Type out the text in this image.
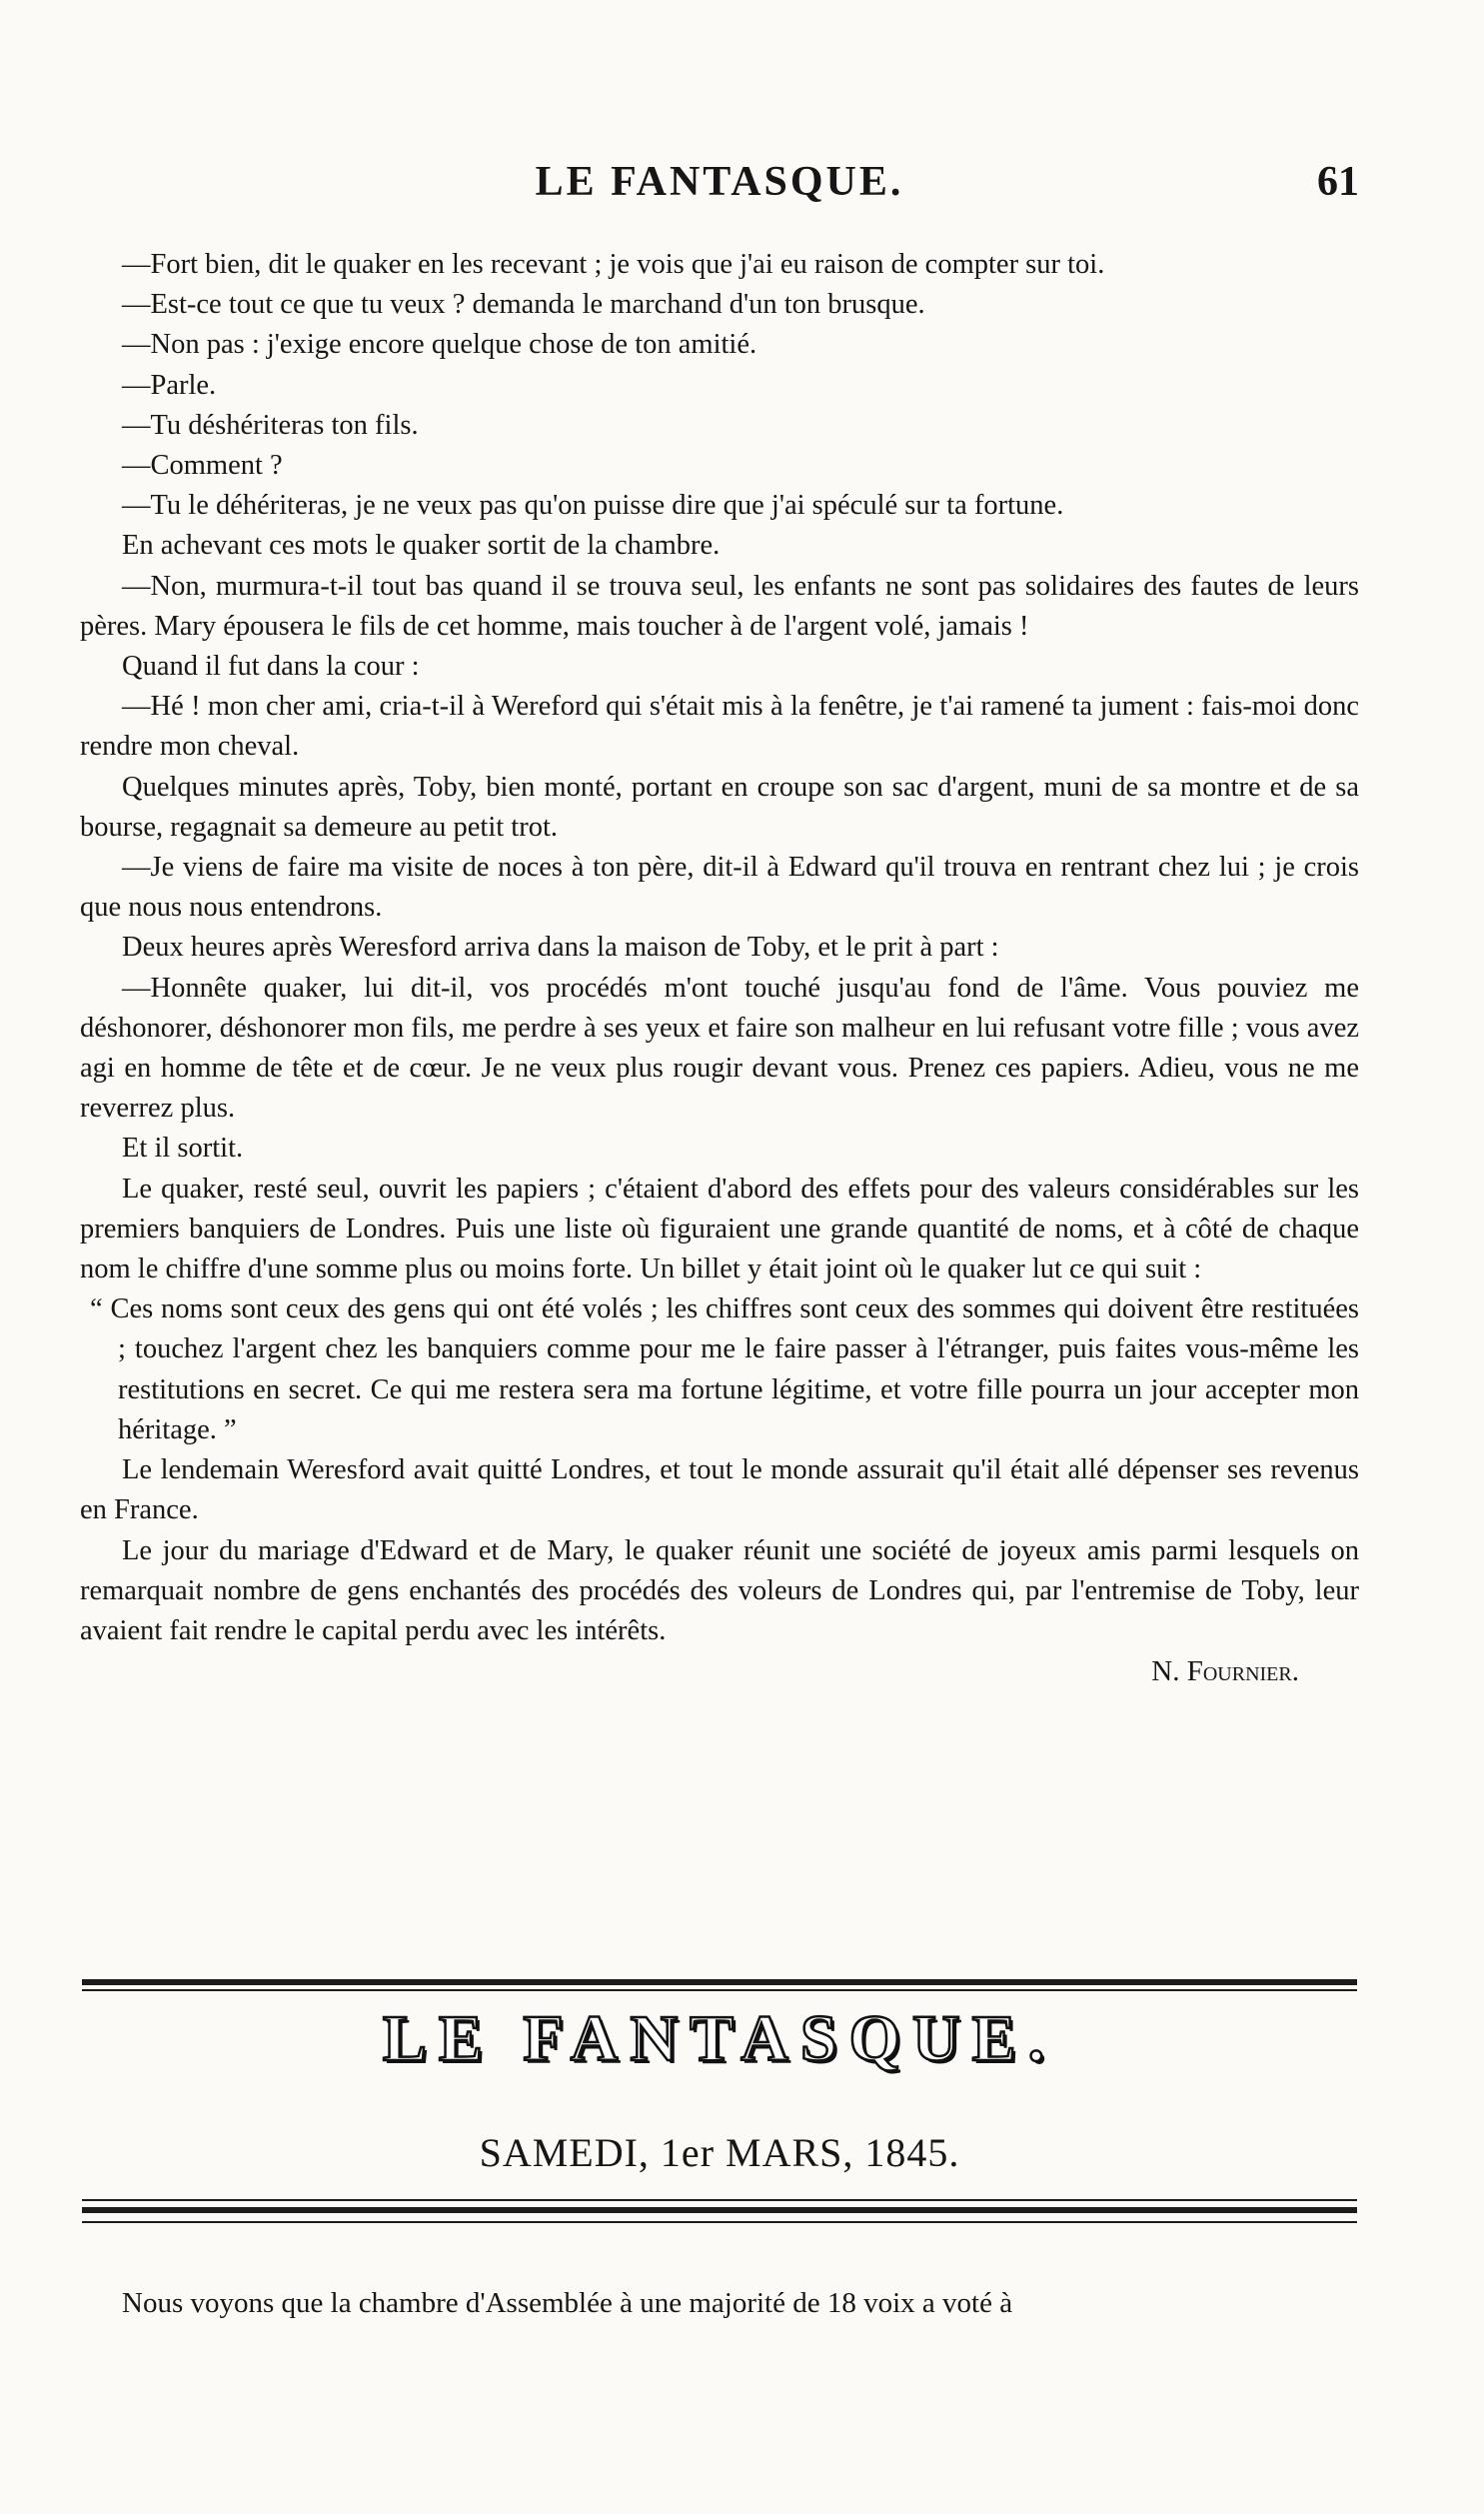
LE FANTASQUE.	61

—Fort bien, dit le quaker en les recevant ; je vois que j'ai eu raison de compter sur toi.

—Est-ce tout ce que tu veux ? demanda le marchand d'un ton brusque.

—Non pas : j'exige encore quelque chose de ton amitié.

—Parle.

—Tu déshériteras ton fils.

—Comment ?

—Tu le déhériteras, je ne veux pas qu'on puisse dire que j'ai spéculé sur ta fortune.

En achevant ces mots le quaker sortit de la chambre.

—Non, murmura-t-il tout bas quand il se trouva seul, les enfants ne sont pas solidaires des fautes de leurs pères. Mary épousera le fils de cet homme, mais toucher à de l'argent volé, jamais !

Quand il fut dans la cour :

—Hé ! mon cher ami, cria-t-il à Wereford qui s'était mis à la fenêtre, je t'ai ramené ta jument : fais-moi donc rendre mon cheval.

Quelques minutes après, Toby, bien monté, portant en croupe son sac d'argent, muni de sa montre et de sa bourse, regagnait sa demeure au petit trot.

—Je viens de faire ma visite de noces à ton père, dit-il à Edward qu'il trouva en rentrant chez lui ; je crois que nous nous entendrons.

Deux heures après Weresford arriva dans la maison de Toby, et le prit à part :

—Honnête quaker, lui dit-il, vos procédés m'ont touché jusqu'au fond de l'âme. Vous pouviez me déshonorer, déshonorer mon fils, me perdre à ses yeux et faire son malheur en lui refusant votre fille ; vous avez agi en homme de tête et de cœur. Je ne veux plus rougir devant vous. Prenez ces papiers. Adieu, vous ne me reverrez plus.

Et il sortit.

Le quaker, resté seul, ouvrit les papiers ; c'étaient d'abord des effets pour des valeurs considérables sur les premiers banquiers de Londres. Puis une liste où figuraient une grande quantité de noms, et à côté de chaque nom le chiffre d'une somme plus ou moins forte. Un billet y était joint où le quaker lut ce qui suit :

“ Ces noms sont ceux des gens qui ont été volés ; les chiffres sont ceux des sommes qui doivent être restituées ; touchez l'argent chez les banquiers comme pour me le faire passer à l'étranger, puis faites vous-même les restitutions en secret. Ce qui me restera sera ma fortune légitime, et votre fille pourra un jour accepter mon héritage. ”

Le lendemain Weresford avait quitté Londres, et tout le monde assurait qu'il était allé dépenser ses revenus en France.

Le jour du mariage d'Edward et de Mary, le quaker réunit une société de joyeux amis parmi lesquels on remarquait nombre de gens enchantés des procédés des voleurs de Londres qui, par l'entremise de Toby, leur avaient fait rendre le capital perdu avec les intérêts.

N. Fournier.
LE FANTASQUE.
SAMEDI, 1er MARS, 1845.
Nous voyons que la chambre d'Assemblée à une majorité de 18 voix a voté à
